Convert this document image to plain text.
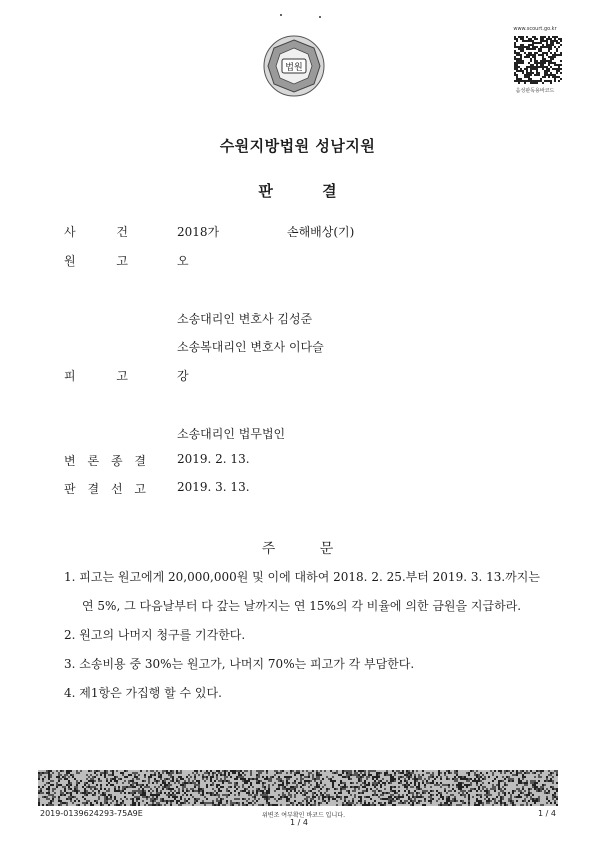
법원
www.scourt.go.kr
음성판독용바코드
수원지방법원 성남지원
판 결
사	건	2018가	손해배상(기)
원	고	오
소송대리인 변호사 김성준
소송복대리인 변호사 이다슬
피	고	강
소송대리인 법무법인
변 론 종 결	2019. 2. 13.
판 결 선 고	2019. 3. 13.
주 문
1. 피고는 원고에게 20,000,000원 및 이에 대하여 2018. 2. 25.부터 2019. 3. 13.까지는
연 5%, 그 다음날부터 다 갚는 날까지는 연 15%의 각 비율에 의한 금원을 지급하라.
2. 원고의 나머지 청구를 기각한다.
3. 소송비용 중 30%는 원고가, 나머지 70%는 피고가 각 부담한다.
4. 제1항은 가집행 할 수 있다.
2019-0139624293-75A9E	위변조 여부확인 바코드 입니다.
1 / 4
1 / 4
